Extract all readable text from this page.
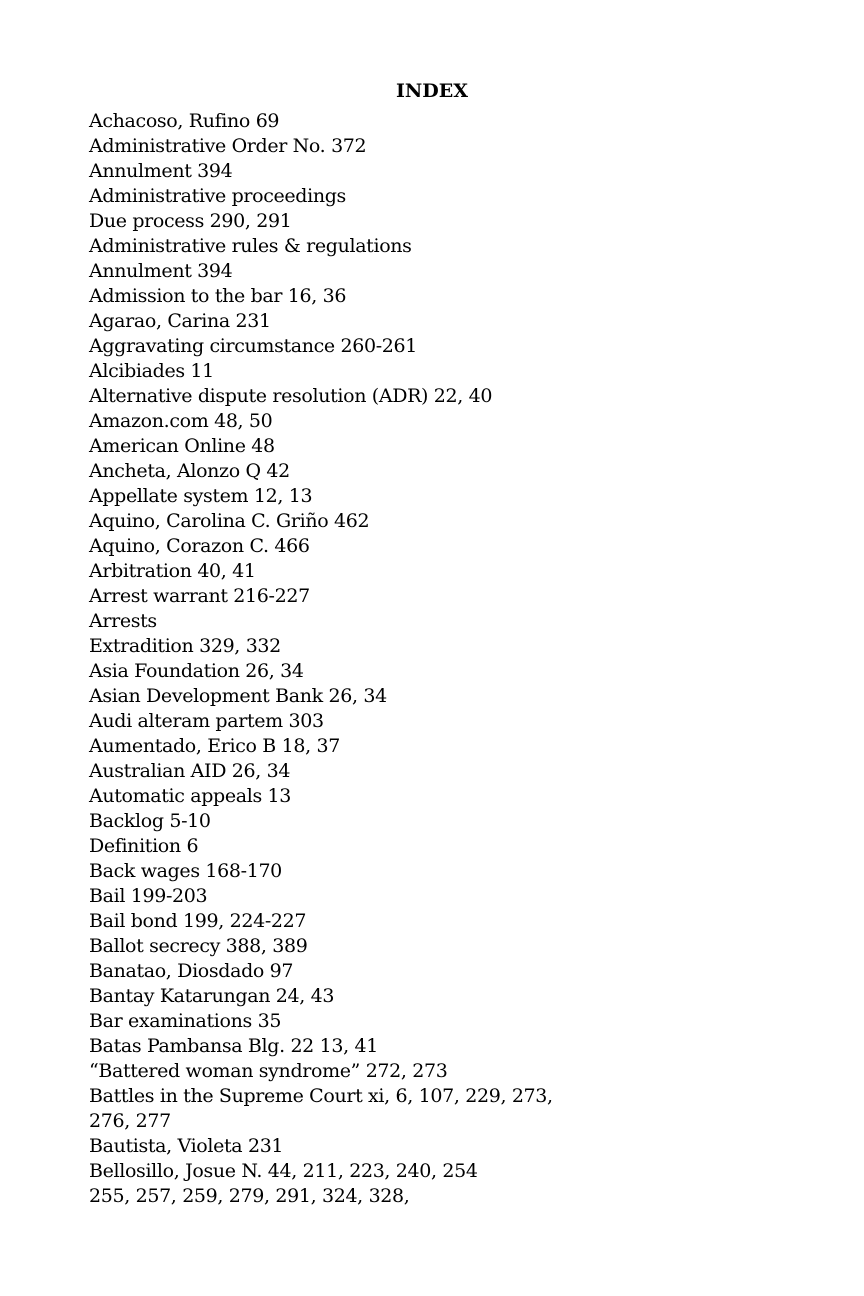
INDEX
Achacoso, Rufino 69
Administrative Order No. 372
Annulment 394
Administrative proceedings
Due process 290, 291
Administrative rules & regulations
Annulment 394
Admission to the bar 16, 36
Agarao, Carina 231
Aggravating circumstance 260-261
Alcibiades 11
Alternative dispute resolution (ADR) 22, 40
Amazon.com 48, 50
American Online 48
Ancheta, Alonzo Q 42
Appellate system 12, 13
Aquino, Carolina C. Griño 462
Aquino, Corazon C. 466
Arbitration 40, 41
Arrest warrant 216-227
Arrests
Extradition 329, 332
Asia Foundation 26, 34
Asian Development Bank 26, 34
Audi alteram partem 303
Aumentado, Erico B 18, 37
Australian AID 26, 34
Automatic appeals 13
Backlog 5-10
Definition 6
Back wages 168-170
Bail 199-203
Bail bond 199, 224-227
Ballot secrecy 388, 389
Banatao, Diosdado 97
Bantay Katarungan 24, 43
Bar examinations 35
Batas Pambansa Blg. 22 13, 41
“Battered woman syndrome” 272, 273
Battles in the Supreme Court xi, 6, 107, 229, 273,
276, 277
Bautista, Violeta 231
Bellosillo, Josue N. 44, 211, 223, 240, 254
255, 257, 259, 279, 291, 324, 328,
